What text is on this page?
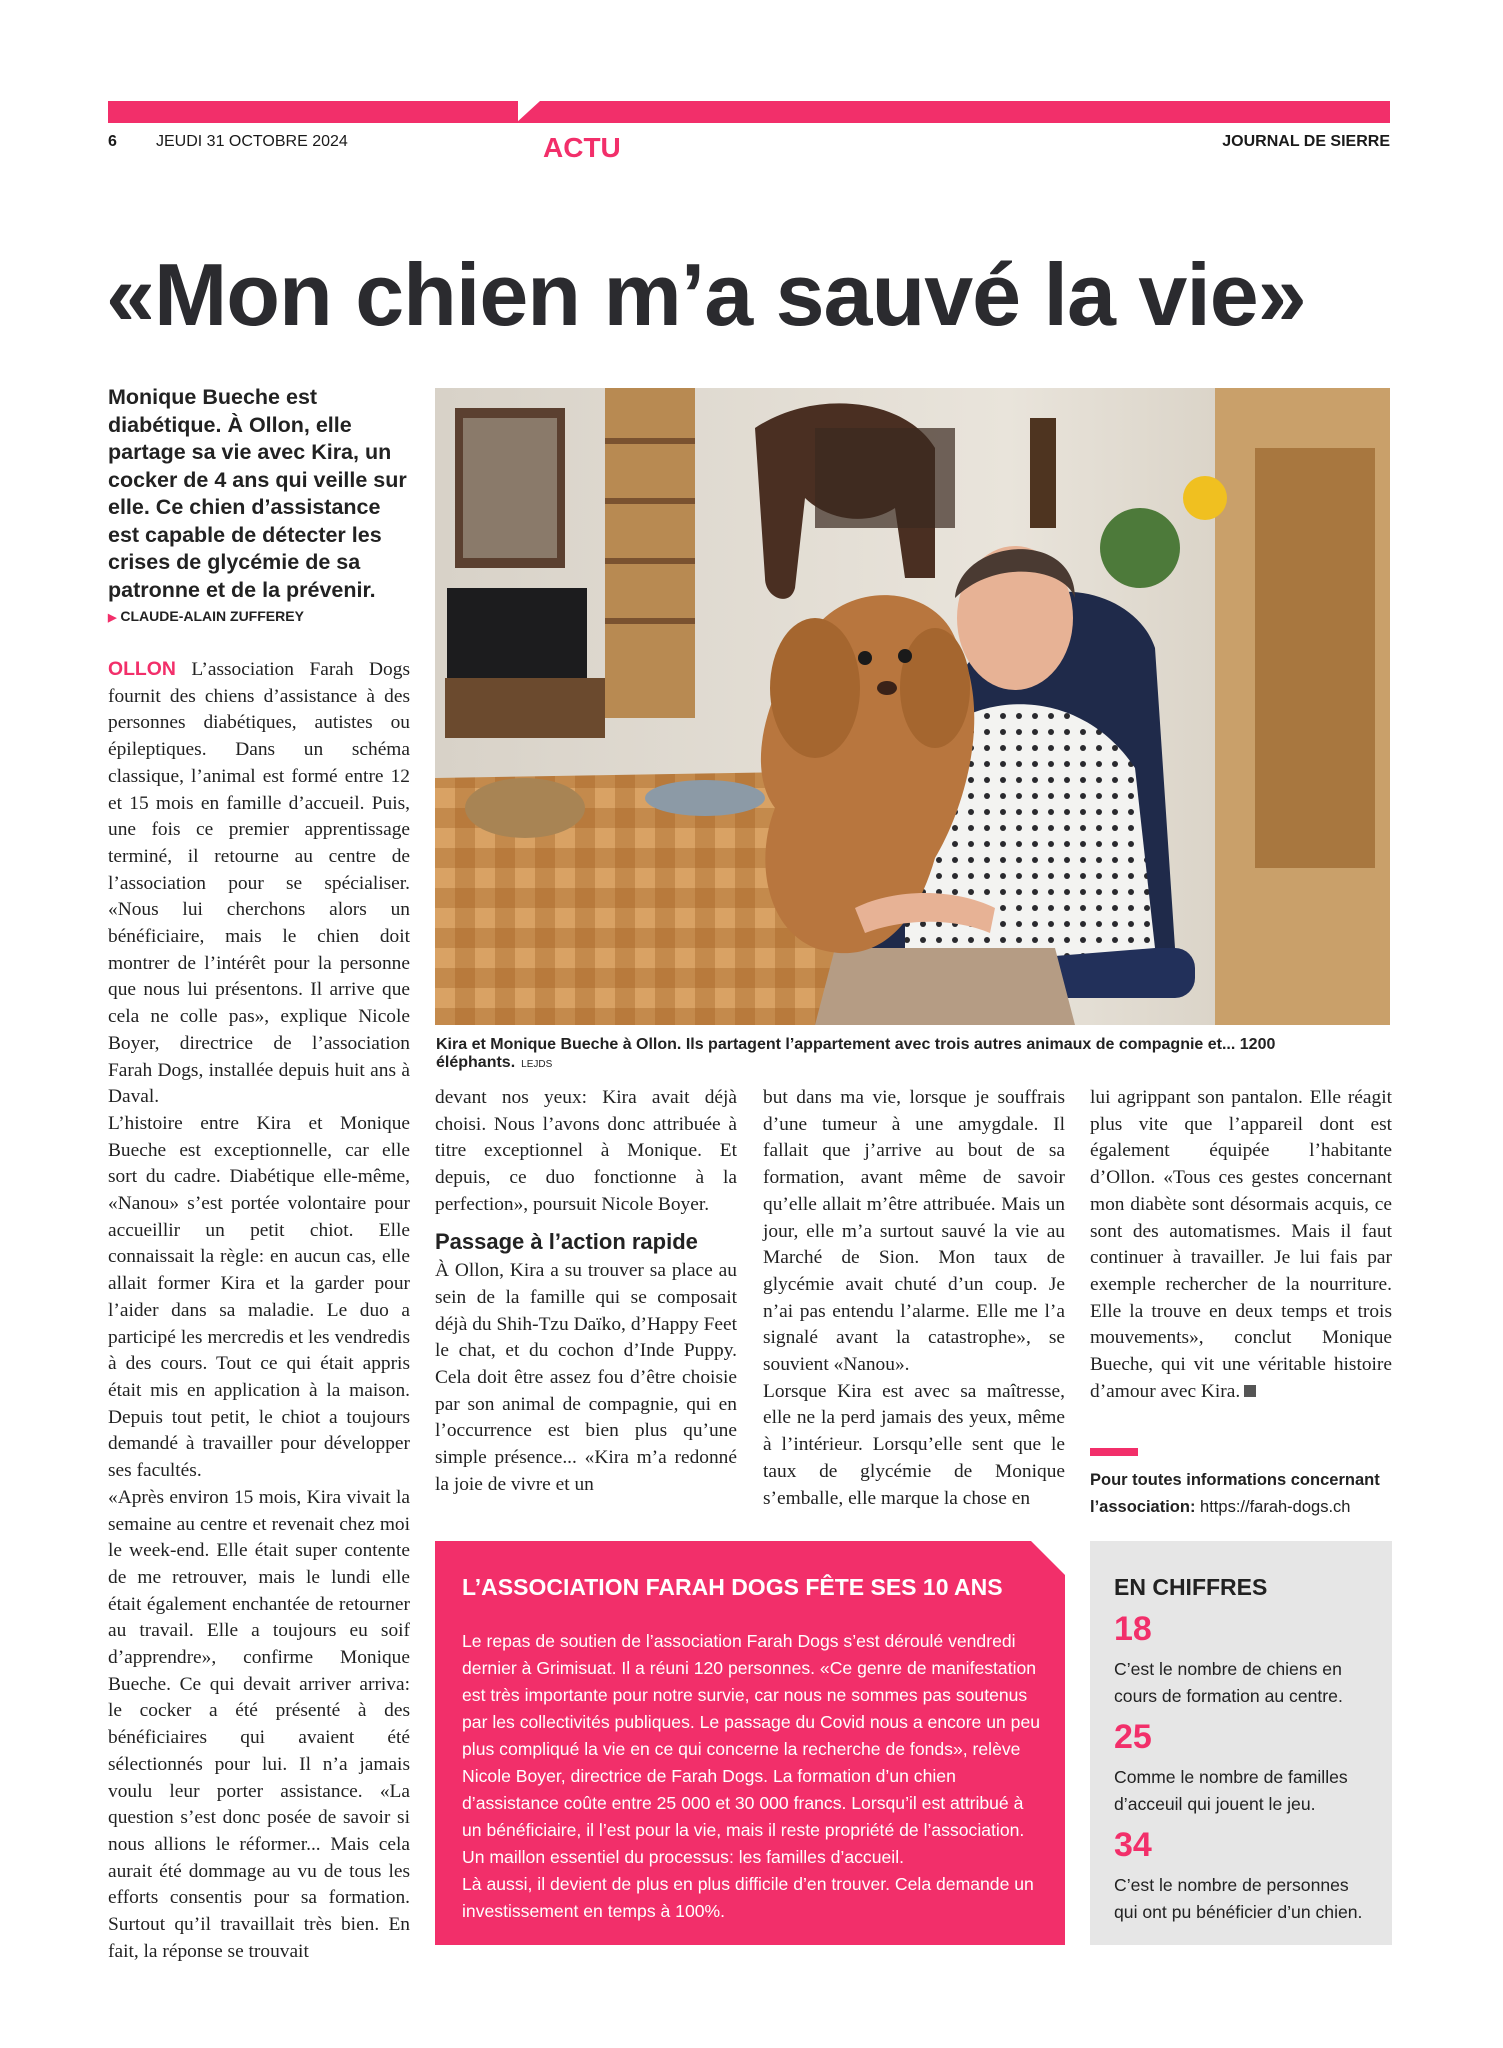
6 JEUDI 31 OCTOBRE 2024	ACTU	JOURNAL DE SIERRE
«Mon chien m’a sauvé la vie»
Monique Bueche est diabétique. À Ollon, elle partage sa vie avec Kira, un cocker de 4 ans qui veille sur elle. Ce chien d’assistance est capable de détecter les crises de glycémie de sa patronne et de la prévenir.
▶ CLAUDE-ALAIN ZUFFEREY
Kira et Monique Bueche à Ollon. Ils partagent l’appartement avec trois autres animaux de compagnie et... 1200 éléphants. LEJDS

OLLON L’association Farah Dogs fournit des chiens d’assistance à des personnes diabétiques, autistes ou épileptiques. Dans un schéma classique, l’animal est formé entre 12 et 15 mois en famille d’accueil. Puis, une fois ce premier apprentissage terminé, il retourne au centre de l’association pour se spécialiser. «Nous lui cherchons alors un bénéficiaire, mais le chien doit montrer de l’intérêt pour la personne que nous lui présentons. Il arrive que cela ne colle pas», explique Nicole Boyer, directrice de l’association Farah Dogs, installée depuis huit ans à Daval.

L’histoire entre Kira et Monique Bueche est exceptionnelle, car elle sort du cadre. Diabétique elle-même, «Nanou» s’est portée volontaire pour accueillir un petit chiot. Elle connaissait la règle: en aucun cas, elle allait former Kira et la garder pour l’aider dans sa maladie. Le duo a participé les mercredis et les vendredis à des cours. Tout ce qui était appris était mis en application à la maison. Depuis tout petit, le chiot a toujours demandé à travailler pour développer ses facultés.

«Après environ 15 mois, Kira vivait la semaine au centre et revenait chez moi le week-end. Elle était super contente de me retrouver, mais le lundi elle était également enchantée de retourner au travail. Elle a toujours eu soif d’apprendre», confirme Monique Bueche. Ce qui devait arriver arriva: le cocker a été présenté à des bénéficiaires qui avaient été sélectionnés pour lui. Il n’a jamais voulu leur porter assistance. «La question s’est donc posée de savoir si nous allions le réformer... Mais cela aurait été dommage au vu de tous les efforts consentis pour sa formation. Surtout qu’il travaillait très bien. En fait, la réponse se trouvait

devant nos yeux: Kira avait déjà choisi. Nous l’avons donc attribuée à titre exceptionnel à Monique. Et depuis, ce duo fonctionne à la perfection», poursuit Nicole Boyer.

Passage à l’action rapide

À Ollon, Kira a su trouver sa place au sein de la famille qui se composait déjà du Shih-Tzu Daïko, d’Happy Feet le chat, et du cochon d’Inde Puppy. Cela doit être assez fou d’être choisie par son animal de compagnie, qui en l’occurrence est bien plus qu’une simple présence... «Kira m’a redonné la joie de vivre et un

but dans ma vie, lorsque je souffrais d’une tumeur à une amygdale. Il fallait que j’arrive au bout de sa formation, avant même de savoir qu’elle allait m’être attribuée. Mais un jour, elle m’a surtout sauvé la vie au Marché de Sion. Mon taux de glycémie avait chuté d’un coup. Je n’ai pas entendu l’alarme. Elle me l’a signalé avant la catastrophe», se souvient «Nanou».

Lorsque Kira est avec sa maîtresse, elle ne la perd jamais des yeux, même à l’intérieur. Lorsqu’elle sent que le taux de glycémie de Monique s’emballe, elle marque la chose en

lui agrippant son pantalon. Elle réagit plus vite que l’appareil dont est également équipée l’habitante d’Ollon. «Tous ces gestes concernant mon diabète sont désormais acquis, ce sont des automatismes. Mais il faut continuer à travailler. Je lui fais par exemple rechercher de la nourriture. Elle la trouve en deux temps et trois mouvements», conclut Monique Bueche, qui vit une véritable histoire d’amour avec Kira.

Pour toutes informations concernant l’association: https://farah-dogs.ch
L’ASSOCIATION FARAH DOGS FÊTE SES 10 ANS

Le repas de soutien de l’association Farah Dogs s’est déroulé vendredi dernier à Grimisuat. Il a réuni 120 personnes. «Ce genre de manifestation est très importante pour notre survie, car nous ne sommes pas soutenus par les collectivités publiques. Le passage du Covid nous a encore un peu plus compliqué la vie en ce qui concerne la recherche de fonds», relève Nicole Boyer, directrice de Farah Dogs. La formation d’un chien d’assistance coûte entre 25 000 et 30 000 francs. Lorsqu’il est attribué à un bénéficiaire, il l’est pour la vie, mais il reste propriété de l’association.

Un maillon essentiel du processus: les familles d’accueil.

Là aussi, il devient de plus en plus difficile d’en trouver. Cela demande un investissement en temps à 100%.

EN CHIFFRES
18
C’est le nombre de chiens en cours de formation au centre.
25
Comme le nombre de familles d’acceuil qui jouent le jeu.
34
C’est le nombre de personnes qui ont pu bénéficier d’un chien.
